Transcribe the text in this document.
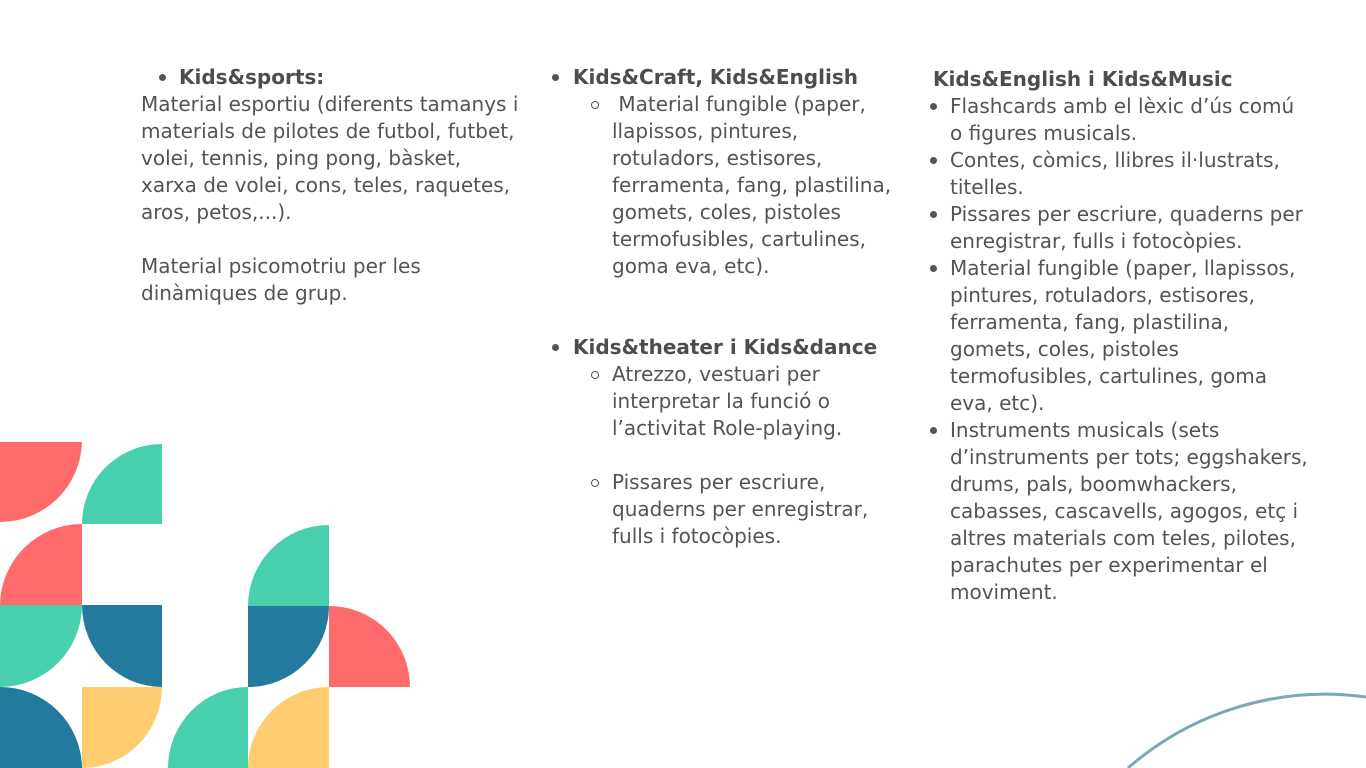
Kids&sports:
Material esportiu (diferents tamanys i materials de pilotes de futbol, futbet, volei, tennis, ping pong, bàsket, xarxa de volei, cons, teles, raquetes, aros, petos,...).
Material psicomotriu per les dinàmiques de grup.
Kids&Craft, Kids&English
Material fungible (paper, llapissos, pintures, rotuladors, estisores, ferramenta, fang, plastilina, gomets, coles, pistoles termofusibles, cartulines, goma eva, etc).
Kids&theater i Kids&dance
Atrezzo, vestuari per interpretar la funció o l’activitat Role-playing.
Pissares per escriure, quaderns per enregistrar, fulls i fotocòpies.
Kids&English i Kids&Music
Flashcards amb el lèxic d’ús comú o figures musicals.
Contes, còmics, llibres il·lustrats, titelles.
Pissares per escriure, quaderns per enregistrar, fulls i fotocòpies.
Material fungible (paper, llapissos, pintures, rotuladors, estisores, ferramenta, fang, plastilina, gomets, coles, pistoles termofusibles, cartulines, goma eva, etc).
Instruments musicals (sets d’instruments per tots; eggshakers, drums, pals, boomwhackers, cabasses, cascavells, agogos, etç i altres materials com teles, pilotes, parachutes per experimentar el moviment.
